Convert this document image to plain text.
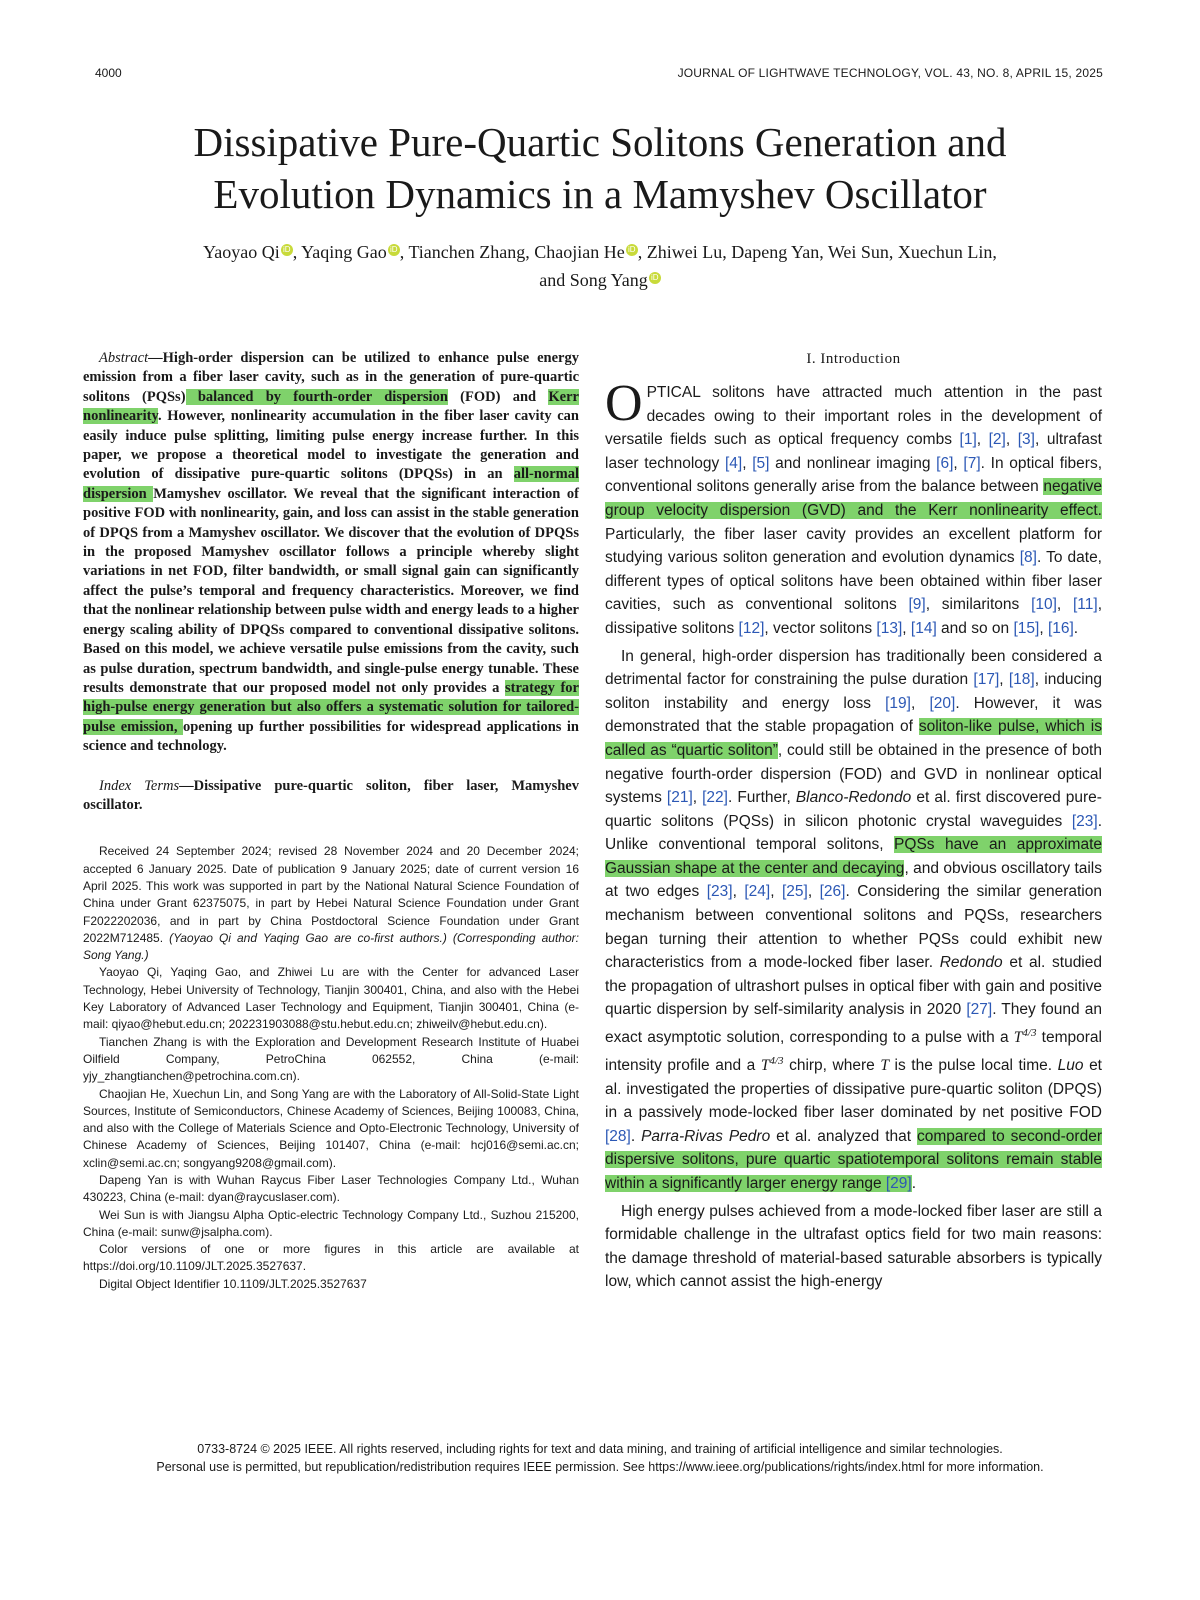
4000	JOURNAL OF LIGHTWAVE TECHNOLOGY, VOL. 43, NO. 8, APRIL 15, 2025
Dissipative Pure-Quartic Solitons Generation and
Evolution Dynamics in a Mamyshev Oscillator
Yaoyao Qi iD , Yaqing Gao iD , Tianchen Zhang, Chaojian He iD , Zhiwei Lu, Dapeng Yan, Wei Sun, Xuechun Lin,
and Song Yang iD

Abstract—High-order dispersion can be utilized to enhance pulse energy emission from a fiber laser cavity, such as in the generation of pure-quartic solitons (PQSs) balanced by fourth-order dispersion (FOD) and Kerr nonlinearity. However, nonlinearity accumulation in the fiber laser cavity can easily induce pulse splitting, limiting pulse energy increase further. In this paper, we propose a theoretical model to investigate the generation and evolution of dissipative pure-quartic solitons (DPQSs) in an all-normal dispersion Mamyshev oscillator. We reveal that the significant interaction of positive FOD with nonlinearity, gain, and loss can assist in the stable generation of DPQS from a Mamyshev oscillator. We discover that the evolution of DPQSs in the proposed Mamyshev oscillator follows a principle whereby slight variations in net FOD, filter bandwidth, or small signal gain can significantly affect the pulse’s temporal and frequency characteristics. Moreover, we find that the nonlinear relationship between pulse width and energy leads to a higher energy scaling ability of DPQSs compared to conventional dissipative solitons. Based on this model, we achieve versatile pulse emissions from the cavity, such as pulse duration, spectrum bandwidth, and single-pulse energy tunable. These results demonstrate that our proposed model not only provides a strategy for high-pulse energy generation but also offers a systematic solution for tailored-pulse emission, opening up further possibilities for widespread applications in science and technology.

Index Terms—Dissipative pure-quartic soliton, fiber laser, Mamyshev oscillator.

Received 24 September 2024; revised 28 November 2024 and 20 December 2024; accepted 6 January 2025. Date of publication 9 January 2025; date of current version 16 April 2025. This work was supported in part by the National Natural Science Foundation of China under Grant 62375075, in part by Hebei Natural Science Foundation under Grant F2022202036, and in part by China Postdoctoral Science Foundation under Grant 2022M712485. (Yaoyao Qi and Yaqing Gao are co-first authors.) (Corresponding author: Song Yang.)

Yaoyao Qi, Yaqing Gao, and Zhiwei Lu are with the Center for advanced Laser Technology, Hebei University of Technology, Tianjin 300401, China, and also with the Hebei Key Laboratory of Advanced Laser Technology and Equipment, Tianjin 300401, China (e-mail: qiyao@hebut.edu.cn; 202231903088@stu.hebut.edu.cn; zhiweilv@hebut.edu.cn).

Tianchen Zhang is with the Exploration and Development Research Institute of Huabei Oilfield Company, PetroChina 062552, China (e-mail: yjy_zhangtianchen@petrochina.com.cn).

Chaojian He, Xuechun Lin, and Song Yang are with the Laboratory of All-Solid-State Light Sources, Institute of Semiconductors, Chinese Academy of Sciences, Beijing 100083, China, and also with the College of Materials Science and Opto-Electronic Technology, University of Chinese Academy of Sciences, Beijing 101407, China (e-mail: hcj016@semi.ac.cn; xclin@semi.ac.cn; songyang9208@gmail.com).

Dapeng Yan is with Wuhan Raycus Fiber Laser Technologies Company Ltd., Wuhan 430223, China (e-mail: dyan@raycuslaser.com).

Wei Sun is with Jiangsu Alpha Optic-electric Technology Company Ltd., Suzhou 215200, China (e-mail: sunw@jsalpha.com).

Color versions of one or more figures in this article are available at https://doi.org/10.1109/JLT.2025.3527637.

Digital Object Identifier 10.1109/JLT.2025.3527637

I. Introduction

OPTICAL solitons have attracted much attention in the past decades owing to their important roles in the development of versatile fields such as optical frequency combs [1], [2], [3], ultrafast laser technology [4], [5] and nonlinear imaging [6], [7]. In optical fibers, conventional solitons generally arise from the balance between negative group velocity dispersion (GVD) and the Kerr nonlinearity effect. Particularly, the fiber laser cavity provides an excellent platform for studying various soliton generation and evolution dynamics [8]. To date, different types of optical solitons have been obtained within fiber laser cavities, such as conventional solitons [9], similaritons [10], [11], dissipative solitons [12], vector solitons [13], [14] and so on [15], [16].

In general, high-order dispersion has traditionally been considered a detrimental factor for constraining the pulse duration [17], [18], inducing soliton instability and energy loss [19], [20]. However, it was demonstrated that the stable propagation of soliton-like pulse, which is called as “quartic soliton”, could still be obtained in the presence of both negative fourth-order dispersion (FOD) and GVD in nonlinear optical systems [21], [22]. Further, Blanco-Redondo et al. first discovered pure-quartic solitons (PQSs) in silicon photonic crystal waveguides [23]. Unlike conventional temporal solitons, PQSs have an approximate Gaussian shape at the center and decaying, and obvious oscillatory tails at two edges [23], [24], [25], [26]. Considering the similar generation mechanism between conventional solitons and PQSs, researchers began turning their attention to whether PQSs could exhibit new characteristics from a mode-locked fiber laser. Redondo et al. studied the propagation of ultrashort pulses in optical fiber with gain and positive quartic dispersion by self-similarity analysis in 2020 [27]. They found an exact asymptotic solution, corresponding to a pulse with a $T^{4/3}$ temporal intensity profile and a $T^{4/3}$ chirp, where T is the pulse local time. Luo et al. investigated the properties of dissipative pure-quartic soliton (DPQS) in a passively mode-locked fiber laser dominated by net positive FOD [28]. Parra-Rivas Pedro et al. analyzed that compared to second-order dispersive solitons, pure quartic spatiotemporal solitons remain stable within a significantly larger energy range [29].

High energy pulses achieved from a mode-locked fiber laser are still a formidable challenge in the ultrafast optics field for two main reasons: the damage threshold of material-based saturable absorbers is typically low, which cannot assist the high-energy

0733-8724 © 2025 IEEE. All rights reserved, including rights for text and data mining, and training of artificial intelligence and similar technologies.
Personal use is permitted, but republication/redistribution requires IEEE permission. See https://www.ieee.org/publications/rights/index.html for more information.
